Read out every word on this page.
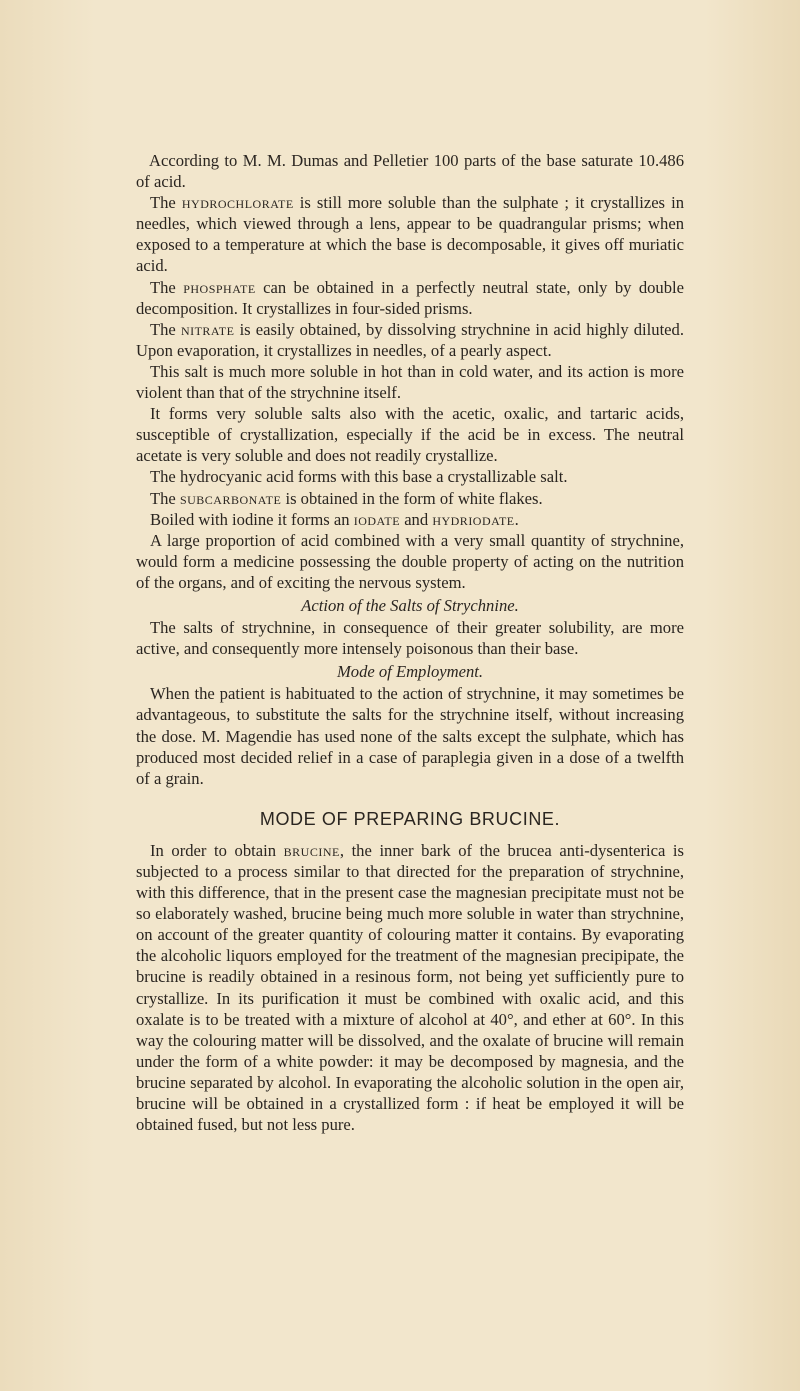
According to M. M. Dumas and Pelletier 100 parts of the base saturate 10.486 of acid.

The hydrochlorate is still more soluble than the sulphate ; it crystallizes in needles, which viewed through a lens, appear to be quadrangular prisms; when exposed to a temperature at which the base is decomposable, it gives off muriatic acid.

The phosphate can be obtained in a perfectly neutral state, only by double decomposition. It crystallizes in four-sided prisms.

The nitrate is easily obtained, by dissolving strychnine in acid highly diluted. Upon evaporation, it crystallizes in needles, of a pearly aspect.

This salt is much more soluble in hot than in cold water, and its action is more violent than that of the strychnine itself.

It forms very soluble salts also with the acetic, oxalic, and tartaric acids, susceptible of crystallization, especially if the acid be in excess. The neutral acetate is very soluble and does not readily crystallize.

The hydrocyanic acid forms with this base a crystallizable salt.

The subcarbonate is obtained in the form of white flakes.

Boiled with iodine it forms an iodate and hydriodate.

A large proportion of acid combined with a very small quantity of strychnine, would form a medicine possessing the double property of acting on the nutrition of the organs, and of exciting the nervous system.

Action of the Salts of Strychnine.

The salts of strychnine, in consequence of their greater solubility, are more active, and consequently more intensely poisonous than their base.

Mode of Employment.

When the patient is habituated to the action of strychnine, it may sometimes be advantageous, to substitute the salts for the strychnine itself, without increasing the dose. M. Magendie has used none of the salts except the sulphate, which has produced most decided relief in a case of paraplegia given in a dose of a twelfth of a grain.

MODE OF PREPARING BRUCINE.

In order to obtain brucine, the inner bark of the brucea anti-dysenterica is subjected to a process similar to that directed for the preparation of strychnine, with this difference, that in the present case the magnesian precipitate must not be so elaborately washed, brucine being much more soluble in water than strychnine, on account of the greater quantity of colouring matter it contains. By evaporating the alcoholic liquors employed for the treatment of the magnesian precipipate, the brucine is readily obtained in a resinous form, not being yet sufficiently pure to crystallize. In its purification it must be combined with oxalic acid, and this oxalate is to be treated with a mixture of alcohol at 40°, and ether at 60°. In this way the colouring matter will be dissolved, and the oxalate of brucine will remain under the form of a white powder: it may be decomposed by magnesia, and the brucine separated by alcohol. In evaporating the alcoholic solution in the open air, brucine will be obtained in a crystallized form : if heat be employed it will be obtained fused, but not less pure.
